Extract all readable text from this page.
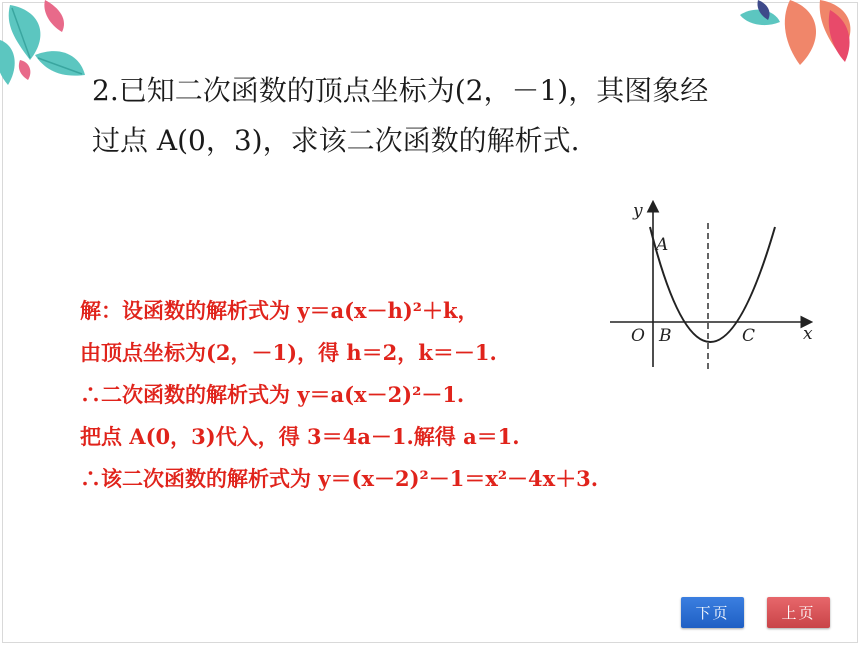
2.已知二次函数的顶点坐标为(2，－1)，其图象经
过点 A(0，3)，求该二次函数的解析式.
y
x
O
A
B	C
解：设函数的解析式为 y＝a(x－h)²＋k，
由顶点坐标为(2，－1)，得 h＝2，k＝－1.
∴二次函数的解析式为 y＝a(x－2)²－1.
把点 A(0，3)代入，得 3＝4a－1.解得 a＝1.
∴该二次函数的解析式为 y＝(x－2)²－1＝x²－4x＋3.
下页	上页
